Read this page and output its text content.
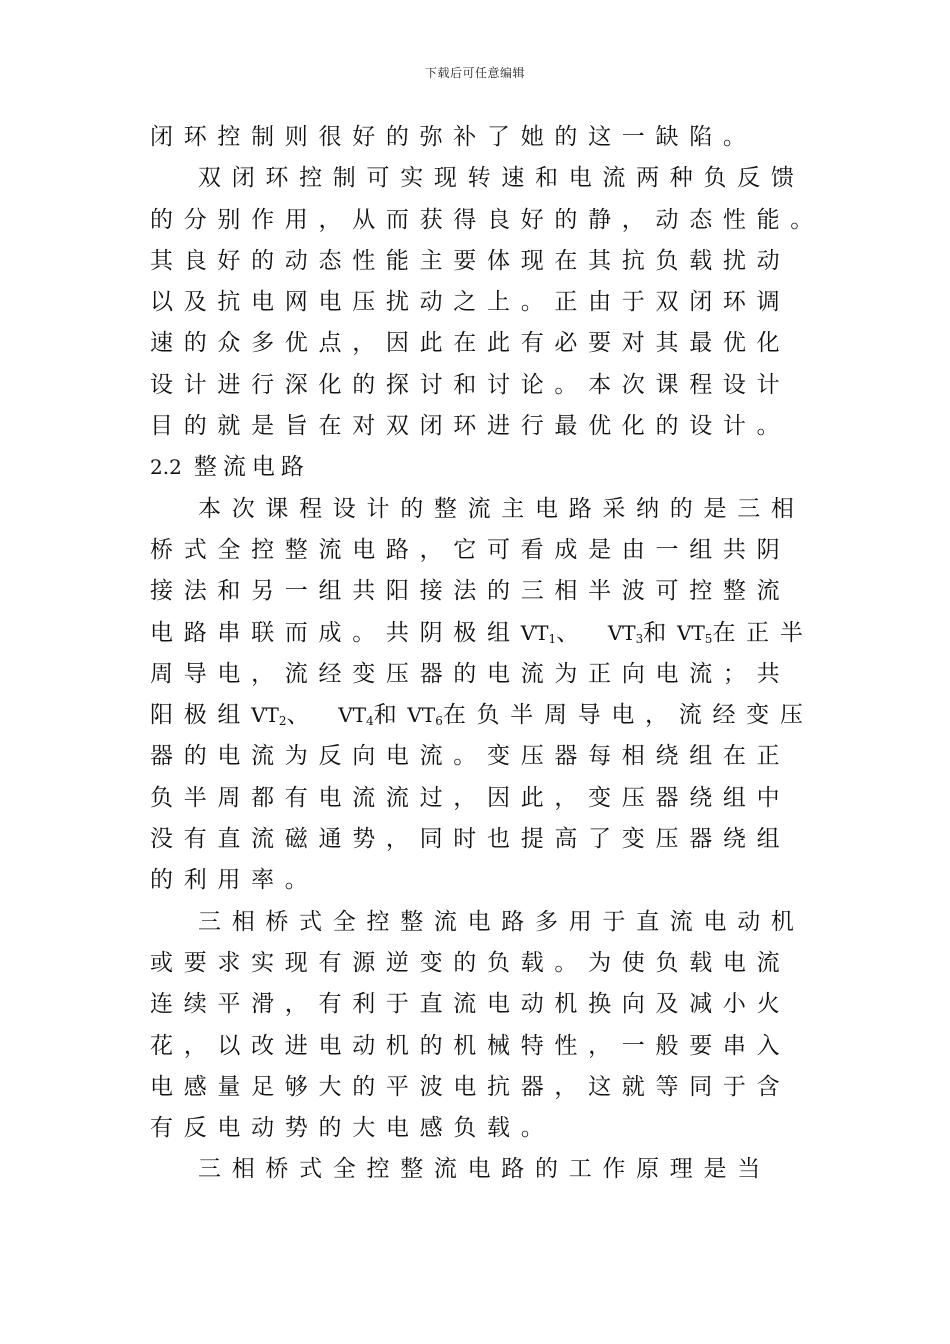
下载后可任意编辑
闭环控制则很好的弥补了她的这一缺陷。
双闭环控制可实现转速和电流两种负反馈
的分别作用，从而获得良好的静，动态性能。
其良好的动态性能主要体现在其抗负载扰动
以及抗电网电压扰动之上。正由于双闭环调
速的众多优点，因此在此有必要对其最优化
设计进行深化的探讨和讨论。本次课程设计
目的就是旨在对双闭环进行最优化的设计。
2.2 整流电路
本次课程设计的整流主电路采纳的是三相
桥式全控整流电路，它可看成是由一组共阴
接法和另一组共阳接法的三相半波可控整流
电路串联而成。共阴极组$VT_1$、 $VT_3$和$VT_5$在正半
周导电，流经变压器的电流为正向电流；共
阳极组$VT_2$、 $VT_4$和$VT_6$在负半周导电，流经变压
器的电流为反向电流。变压器每相绕组在正
负半周都有电流流过，因此，变压器绕组中
没有直流磁通势，同时也提高了变压器绕组
的利用率。
三相桥式全控整流电路多用于直流电动机
或要求实现有源逆变的负载。为使负载电流
连续平滑，有利于直流电动机换向及减小火
花，以改进电动机的机械特性，一般要串入
电感量足够大的平波电抗器，这就等同于含
有反电动势的大电感负载。
三相桥式全控整流电路的工作原理是当
